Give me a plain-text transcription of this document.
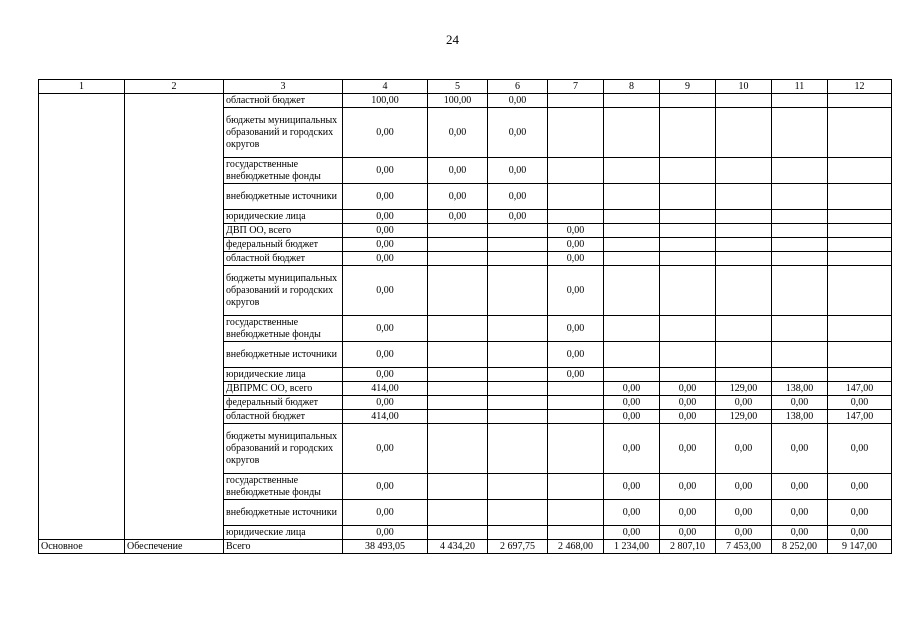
24
1	2	3	4	5	6	7	8	9	10	11	12
		областной бюджет	100,00	100,00	0,00						
		бюджеты муниципальных образований и городских округов	0,00	0,00	0,00						
		государственные внебюджетные фонды	0,00	0,00	0,00						
		внебюджетные источники	0,00	0,00	0,00						
		юридические лица	0,00	0,00	0,00						
		ДВП ОО, всего	0,00			0,00					
		федеральный бюджет	0,00			0,00					
		областной бюджет	0,00			0,00					
		бюджеты муниципальных образований и городских округов	0,00			0,00					
		государственные внебюджетные фонды	0,00			0,00					
		внебюджетные источники	0,00			0,00					
		юридические лица	0,00			0,00					
		ДВПРМС ОО, всего	414,00				0,00	0,00	129,00	138,00	147,00
		федеральный бюджет	0,00				0,00	0,00	0,00	0,00	0,00
		областной бюджет	414,00				0,00	0,00	129,00	138,00	147,00
		бюджеты муниципальных образований и городских округов	0,00				0,00	0,00	0,00	0,00	0,00
		государственные внебюджетные фонды	0,00				0,00	0,00	0,00	0,00	0,00
		внебюджетные источники	0,00				0,00	0,00	0,00	0,00	0,00
		юридические лица	0,00				0,00	0,00	0,00	0,00	0,00
Основное	Обеспечение	Всего	38 493,05	4 434,20	2 697,75	2 468,00	1 234,00	2 807,10	7 453,00	8 252,00	9 147,00
